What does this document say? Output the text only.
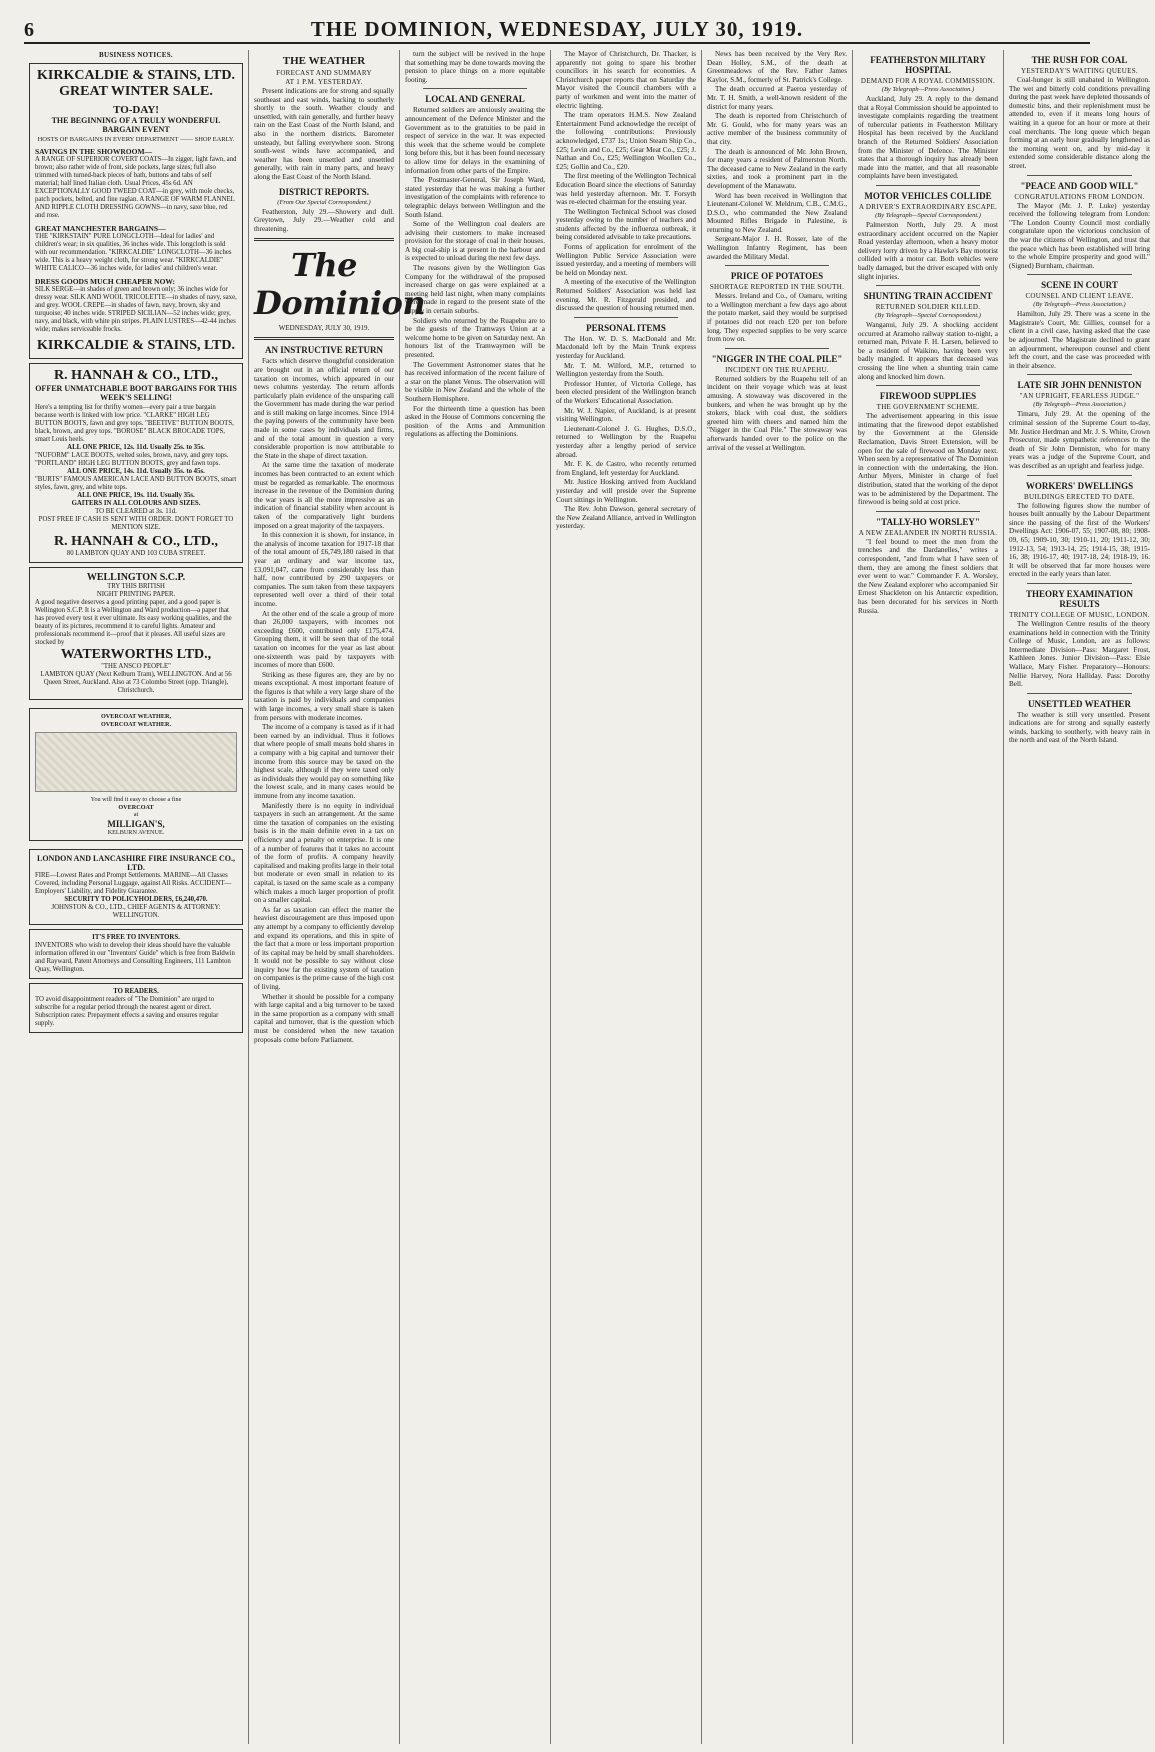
6	THE DOMINION, WEDNESDAY, JULY 30, 1919.
BUSINESS NOTICES.
KIRKCALDIE & STAINS, LTD.
GREAT WINTER SALE.
TO-DAY!
THE BEGINNING OF A TRULY WONDERFUL BARGAIN EVENT
HOSTS OF BARGAINS IN EVERY DEPARTMENT —— SHOP EARLY.
SAVINGS IN THE SHOWROOM—

A RANGE OF SUPERIOR COVERT COATS—In zigger, light fawn, and brown; also rather wide of front, side pockets, large sizes; full also trimmed with turned-back pieces of bath, buttons and tabs of self material; half lined Italian cloth. Usual Prices, 45s 6d. AN EXCEPTIONALLY GOOD TWEED COAT—in grey, with mole checks, patch pockets, belted, and fine raglan. A RANGE OF WARM FLANNEL AND RIPPLE CLOTH DRESSING GOWNS—in navy, saxe blue, red and rose.

GREAT MANCHESTER BARGAINS—

THE "KIRKSTAIN" PURE LONGCLOTH—Ideal for ladies' and children's wear; in six qualities, 36 inches wide. This longcloth is sold with our recommendation. "KIRKCALDIE" LONGCLOTH—36 inches wide. This is a heavy weight cloth, for strong wear. "KIRKCALDIE" WHITE CALICO—36 inches wide, for ladies' and children's wear.

DRESS GOODS MUCH CHEAPER NOW:

SILK SERGE—in shades of green and brown only; 36 inches wide for dressy wear. SILK AND WOOL TRICOLETTE—in shades of navy, saxe, and grey. WOOL CREPE—in shades of fawn, navy, brown, sky and turquoise; 40 inches wide. STRIPED SICILIAN—52 inches wide; grey, navy, and black, with white pin stripes. PLAIN LUSTRES—42-44 inches wide; makes serviceable frocks.

KIRKCALDIE & STAINS, LTD.
R. HANNAH & CO., LTD.,
OFFER UNMATCHABLE BOOT BARGAINS FOR THIS WEEK'S SELLING!

Here's a tempting list for thrifty women—every pair a true bargain because worth is linked with low price. "CLARKE" HIGH LEG BUTTON BOOTS, fawn and grey tops. "BEETIVE" BUTTON BOOTS, black, brown, and grey tops. "BOROSE" BLACK BROCADE TOPS, smart Louis heels.

ALL ONE PRICE, 12s. 11d. Usually 25s. to 35s.

"NUFORM" LACE BOOTS, welted soles, brown, navy, and grey tops. "PORTLAND" HIGH LEG BUTTON BOOTS, grey and fawn tops.

ALL ONE PRICE, 14s. 11d. Usually 35s. to 45s.

"BURTS" FAMOUS AMERICAN LACE AND BUTTON BOOTS, smart styles, fawn, grey, and white tops.

ALL ONE PRICE, 19s. 11d. Usually 35s.
GAITERS IN ALL COLOURS AND SIZES.
TO BE CLEARED at 3s. 11d.
POST FREE IF CASH IS SENT WITH ORDER. DON'T FORGET TO MENTION SIZE.
R. HANNAH & CO., LTD.,
80 LAMBTON QUAY AND 103 CUBA STREET.
WELLINGTON S.C.P.
TRY THIS BRITISH
NIGHT PRINTING PAPER.

A good negative deserves a good printing paper, and a good paper is Wellington S.C.P. It is a Wellington and Ward production—a paper that has proved every test it ever ultimate. Its easy working qualities, and the beauty of its pictures, recommend it to careful lights. Amateur and professionals recommend it—proof that it pleases. All useful sizes are stocked by

WATERWORTHS LTD.,
"THE ANSCO PEOPLE"
LAMBTON QUAY (Next Kelburn Tram), WELLINGTON. And at 56 Queen Street, Auckland. Also at 73 Colombo Street (opp. Triangle), Christchurch.
OVERCOAT WEATHER,
OVERCOAT WEATHER.
You will find it easy to choose a fine
OVERCOAT
at
MILLIGAN'S,
KELBURN AVENUE.
LONDON AND LANCASHIRE FIRE INSURANCE CO., LTD.

FIRE—Lowest Rates and Prompt Settlements. MARINE—All Classes Covered, including Personal Luggage, against All Risks. ACCIDENT—Employers' Liability, and Fidelity Guarantee.

SECURITY TO POLICYHOLDERS, £6,240,470.
JOHNSTON & CO., LTD., CHIEF AGENTS & ATTORNEY: WELLINGTON.
IT'S FREE TO INVENTORS.

INVENTORS who wish to develop their ideas should have the valuable information offered in our "Inventors' Guide" which is free from Baldwin and Rayward, Patent Attorneys and Consulting Engineers, 111 Lambton Quay, Wellington.

TO READERS.

TO avoid disappointment readers of "The Dominion" are urged to subscribe for a regular period through the nearest agent or direct. Subscription rates: Prepayment effects a saving and ensures regular supply.

THE WEATHER
FORECAST AND SUMMARY
AT 1 P.M. YESTERDAY.

Present indications are for strong and squally southeast and east winds, backing to southerly shortly to the south. Weather cloudy and unsettled, with rain generally, and further heavy rain on the East Coast of the North Island, and also in the northern districts. Barometer unsteady, but falling everywhere soon. Strong south-west winds have accompanied, and weather has been unsettled and unsettled generally, with rain in many parts, and heavy along the East Coast of the North Island.

DISTRICT REPORTS.
(From Our Special Correspondent.)

Featherston, July 29.—Showery and dull. Greytown, July 29.—Weather cold and threatening.

The Dominion
WEDNESDAY, JULY 30, 1919.
AN INSTRUCTIVE RETURN

Facts which deserve thoughtful consideration are brought out in an official return of our taxation on incomes, which appeared in our news columns yesterday. The return affords particularly plain evidence of the unsparing call the Government has made during the war period and is still making on large incomes. Since 1914 the paying powers of the community have been made in some cases by individuals and firms, and of the total amount in question a very considerable proportion is now attributable to the State in the shape of direct taxation.

At the same time the taxation of moderate incomes has been contracted to an extent which must be regarded as remarkable. The enormous increase in the revenue of the Dominion during the war years is all the more impressive as an indication of financial stability when account is taken of the comparatively light burdens imposed on a great majority of the taxpayers.

In this connexion it is shown, for instance, in the analysis of income taxation for 1917-18 that of the total amount of £6,749,180 raised in that year an ordinary and war income tax, £3,091,047, came from considerably less than half, now contributed by 290 taxpayers or companies. The sum taken from these taxpayers represented well over a third of their total income.

At the other end of the scale a group of more than 26,000 taxpayers, with incomes not exceeding £600, contributed only £175,474. Grouping them, it will be seen that of the total taxation on incomes for the year as last about one-sixteenth was paid by taxpayers with incomes of more than £600.

Striking as these figures are, they are by no means exceptional. A most important feature of the figures is that while a very large share of the taxation is paid by individuals and companies with large incomes, a very small share is taken from persons with moderate incomes.

The income of a company is taxed as if it had been earned by an individual. Thus it follows that where people of small means hold shares in a company with a big capital and turnover their income from this source may be taxed on the highest scale, although if they were taxed only as individuals they would pay on something like the lowest scale, and in many cases would be immune from any income taxation.

Manifestly there is no equity in individual taxpayers in such an arrangement. At the same time the taxation of companies on the existing basis is in the main definite even in a tax on efficiency and a penalty on enterprise. It is one of a number of features that it takes no account of the form of profits. A company heavily capitalised and making profits large in their total but moderate or even small in relation to its capital, is taxed on the same scale as a company which makes a much larger proportion of profit on a smaller capital.

As far as taxation can effect the matter the heaviest discouragement are thus imposed upon any attempt by a company to efficiently develop and expand its operations, and this in spite of the fact that a more or less important proportion of its capital may be held by small shareholders. It would not be possible to say without close inquiry how far the existing system of taxation on companies is the prime cause of the high cost of living.

Whether it should be possible for a company with large capital and a big turnover to be taxed in the same proportion as a company with small capital and turnover, that is the question which must be considered when the new taxation proposals come before Parliament.

turn the subject will be revived in the hope that something may be done towards moving the pension to place things on a more equitable footing.

LOCAL AND GENERAL

Returned soldiers are anxiously awaiting the announcement of the Defence Minister and the Government as to the gratuities to be paid in respect of service in the war. It was expected this week that the scheme would be complete long before this, but it has been found necessary to allow time for delays in the examining of information from other parts of the Empire.

The Postmaster-General, Sir Joseph Ward, stated yesterday that he was making a further investigation of the complaints with reference to telegraphic delays between Wellington and the South Island.

Some of the Wellington coal dealers are advising their customers to make increased provision for the storage of coal in their houses. A big coal-ship is at present in the harbour and is expected to unload during the next few days.

The reasons given by the Wellington Gas Company for the withdrawal of the proposed increased charge on gas were explained at a meeting held last night, when many complaints were made in regard to the present state of the supply in certain suburbs.

Soldiers who returned by the Ruapehu are to be the guests of the Tramways Union at a welcome home to be given on Saturday next. An honours list of the Tramwaymen will be presented.

The Government Astronomer states that he has received information of the recent failure of a star on the planet Venus. The observation will be visible in New Zealand and the whole of the Southern Hemisphere.

For the thirteenth time a question has been asked in the House of Commons concerning the position of the Arms and Ammunition regulations as affecting the Dominions.

The Mayor of Christchurch, Dr. Thacker, is apparently not going to spare his brother councillors in his search for economies. A Christchurch paper reports that on Saturday the Mayor visited the Council chambers with a party of workmen and went into the matter of electric lighting.

The tram operators H.M.S. New Zealand Entertainment Fund acknowledge the receipt of the following contributions: Previously acknowledged, £737 1s.; Union Steam Ship Co., £25; Levin and Co., £25; Gear Meat Co., £25; J. Nathan and Co., £25; Wellington Woollen Co., £25; Gollin and Co., £20.

The first meeting of the Wellington Technical Education Board since the elections of Saturday was held yesterday afternoon. Mr. T. Forsyth was re-elected chairman for the ensuing year.

The Wellington Technical School was closed yesterday owing to the number of teachers and students affected by the influenza outbreak, it being considered advisable to take precautions.

Forms of application for enrolment of the Wellington Public Service Association were issued yesterday, and a meeting of members will be held on Monday next.

A meeting of the executive of the Wellington Returned Soldiers' Association was held last evening. Mr. R. Fitzgerald presided, and discussed the question of housing returned men.

PERSONAL ITEMS

The Hon. W. D. S. MacDonald and Mr. Macdonald left by the Main Trunk express yesterday for Auckland.

Mr. T. M. Wilford, M.P., returned to Wellington yesterday from the South.

Professor Hunter, of Victoria College, has been elected president of the Wellington branch of the Workers' Educational Association.

Mr. W. J. Napier, of Auckland, is at present visiting Wellington.

Lieutenant-Colonel J. G. Hughes, D.S.O., returned to Wellington by the Ruapehu yesterday after a lengthy period of service abroad.

Mr. F. K. de Castro, who recently returned from England, left yesterday for Auckland.

Mr. Justice Hosking arrived from Auckland yesterday and will preside over the Supreme Court sittings in Wellington.

The Rev. John Dawson, general secretary of the New Zealand Alliance, arrived in Wellington yesterday.

News has been received by the Very Rev. Dean Holley, S.M., of the death at Greenmeadows of the Rev. Father James Kaylor, S.M., formerly of St. Patrick's College.

The death occurred at Paeroa yesterday of Mr. T. H. Smith, a well-known resident of the district for many years.

The death is reported from Christchurch of Mr. G. Gould, who for many years was an active member of the business community of that city.

The death is announced of Mr. John Brown, for many years a resident of Palmerston North. The deceased came to New Zealand in the early sixties, and took a prominent part in the development of the Manawatu.

Word has been received in Wellington that Lieutenant-Colonel W. Meldrum, C.B., C.M.G., D.S.O., who commanded the New Zealand Mounted Rifles Brigade in Palestine, is returning to New Zealand.

Sergeant-Major J. H. Rosser, late of the Wellington Infantry Regiment, has been awarded the Military Medal.

PRICE OF POTATOES
SHORTAGE REPORTED IN THE SOUTH.

Messrs. Ireland and Co., of Oamaru, writing to a Wellington merchant a few days ago about the potato market, said they would be surprised if potatoes did not reach £20 per ton before long. They expected supplies to be very scarce from now on.

"NIGGER IN THE COAL PILE"
INCIDENT ON THE RUAPEHU.

Returned soldiers by the Ruapehu tell of an incident on their voyage which was at least amusing. A stowaway was discovered in the bunkers, and when he was brought up by the stokers, black with coal dust, the soldiers greeted him with cheers and named him the "Nigger in the Coal Pile." The stowaway was afterwards handed over to the police on the arrival of the vessel at Wellington.

FEATHERSTON MILITARY HOSPITAL
DEMAND FOR A ROYAL COMMISSION.
(By Telegraph—Press Association.)

Auckland, July 29. A reply to the demand that a Royal Commission should be appointed to investigate complaints regarding the treatment of tubercular patients in Featherston Military Hospital has been received by the Auckland branch of the Returned Soldiers' Association from the Minister of Defence. The Minister states that a thorough inquiry has already been made into the matter, and that all reasonable complaints have been investigated.

MOTOR VEHICLES COLLIDE
A DRIVER'S EXTRAORDINARY ESCAPE.
(By Telegraph—Special Correspondent.)

Palmerston North, July 29. A most extraordinary accident occurred on the Napier Road yesterday afternoon, when a heavy motor delivery lorry driven by a Hawke's Bay motorist collided with a motor car. Both vehicles were badly damaged, but the driver escaped with only slight injuries.

SHUNTING TRAIN ACCIDENT
RETURNED SOLDIER KILLED.
(By Telegraph—Special Correspondent.)

Wanganui, July 29. A shocking accident occurred at Aramoho railway station to-night, a returned man, Private F. H. Larsen, believed to be a resident of Waikino, having been very badly mangled. It appears that deceased was crossing the line when a shunting train came along and knocked him down.

FIREWOOD SUPPLIES
THE GOVERNMENT SCHEME.

The advertisement appearing in this issue intimating that the firewood depot established by the Government at the Glenside Reclamation, Davis Street Extension, will be open for the sale of firewood on Monday next. When seen by a representative of The Dominion in connection with the undertaking, the Hon. Arthur Myers, Minister in charge of fuel distribution, stated that the working of the depot was to be administered by the Department. The firewood is being sold at cost price.

"TALLY-HO WORSLEY"
A NEW ZEALANDER IN NORTH RUSSIA.

"I feel bound to meet the men from the trenches and the Dardanelles," writes a correspondent, "and from what I have seen of them, they are among the finest soldiers that ever went to war." Commander F. A. Worsley, the New Zealand explorer who accompanied Sir Ernest Shackleton on his Antarctic expedition, has been decorated for his services in North Russia.

THE RUSH FOR COAL
YESTERDAY'S WAITING QUEUES.

Coal-hunger is still unabated in Wellington. The wet and bitterly cold conditions prevailing during the past week have depleted thousands of domestic bins, and their replenishment must be attended to, even if it means long hours of waiting in a queue for an hour or more at their coal merchants. The long queue which began forming at an early hour gradually lengthened as the morning went on, and by mid-day it extended some considerable distance along the street.

"PEACE AND GOOD WILL"
CONGRATULATIONS FROM LONDON.

The Mayor (Mr. J. P. Luke) yesterday received the following telegram from London: "The London County Council most cordially congratulate upon the victorious conclusion of the war the citizens of Wellington, and trust that the peace which has been established will bring to the whole Empire prosperity and good will." (Signed) Burnham, chairman.

SCENE IN COURT
COUNSEL AND CLIENT LEAVE.
(By Telegraph—Press Association.)

Hamilton, July 29. There was a scene in the Magistrate's Court, Mr. Gillies, counsel for a client in a civil case, having asked that the case be adjourned. The Magistrate declined to grant an adjournment, whereupon counsel and client left the court, and the case was proceeded with in their absence.

LATE SIR JOHN DENNISTON
"AN UPRIGHT, FEARLESS JUDGE."
(By Telegraph—Press Association.)

Timaru, July 29. At the opening of the criminal session of the Supreme Court to-day, Mr. Justice Herdman and Mr. J. S. White, Crown Prosecutor, made sympathetic references to the death of Sir John Denniston, who for many years was a judge of the Supreme Court, and was described as an upright and fearless judge.

WORKERS' DWELLINGS
BUILDINGS ERECTED TO DATE.

The following figures show the number of houses built annually by the Labour Department since the passing of the first of the Workers' Dwellings Act: 1906-07, 55; 1907-08, 80; 1908-09, 65; 1909-10, 30; 1910-11, 20; 1911-12, 30; 1912-13, 54; 1913-14, 25; 1914-15, 38; 1915-16, 38; 1916-17, 40; 1917-18, 24; 1918-19, 16. It will be observed that far more houses were erected in the early years than later.

THEORY EXAMINATION RESULTS
TRINITY COLLEGE OF MUSIC, LONDON.

The Wellington Centre results of the theory examinations held in connection with the Trinity College of Music, London, are as follows: Intermediate Division—Pass: Margaret Frost, Kathleen Jones. Junior Division—Pass: Elsie Wallace, Mary Fisher. Preparatory—Honours: Nellie Harvey, Nora Halliday. Pass: Dorothy Bell.

UNSETTLED WEATHER

The weather is still very unsettled. Present indications are for strong and squally easterly winds, backing to southerly, with heavy rain in the north and east of the North Island.
